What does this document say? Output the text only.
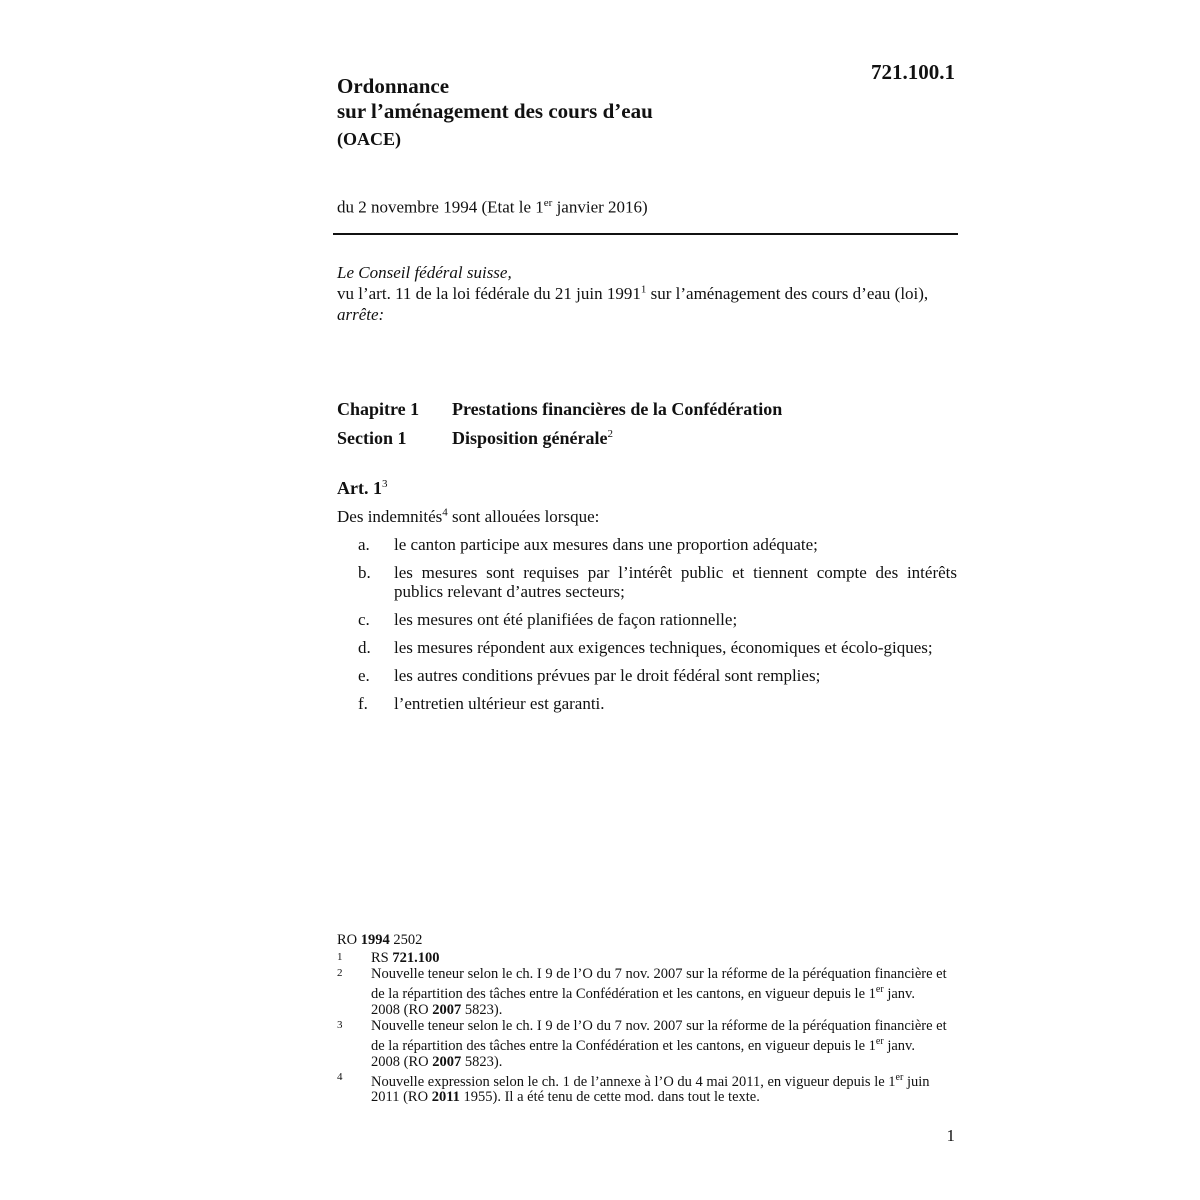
721.100.1
Ordonnance
sur l’aménagement des cours d’eau
(OACE)
du 2 novembre 1994 (Etat le 1er janvier 2016)

Le Conseil fédéral suisse,

vu l’art. 11 de la loi fédérale du 21 juin 1991$^1$ sur l’aménagement des cours d’eau (loi),

arrête:

Chapitre 1	Prestations financières de la Confédération
Section 1	Disposition générale$^2$
Art. $1^3$
Des indemnités$^4$ sont allouées lorsque:
a.	le canton participe aux mesures dans une proportion adéquate;
b.	les mesures sont requises par l’intérêt public et tiennent compte des intérêts publics relevant d’autres secteurs;
c.	les mesures ont été planifiées de façon rationnelle;
d.	les mesures répondent aux exigences techniques, économiques et écolo-giques;
e.	les autres conditions prévues par le droit fédéral sont remplies;
f.	l’entretien ultérieur est garanti.
RO 1994 2502
1	RS 721.100
2	Nouvelle teneur selon le ch. I 9 de l’O du 7 nov. 2007 sur la réforme de la péréquation financière et de la répartition des tâches entre la Confédération et les cantons, en vigueur depuis le 1er janv. 2008 (RO 2007 5823).
3	Nouvelle teneur selon le ch. I 9 de l’O du 7 nov. 2007 sur la réforme de la péréquation financière et de la répartition des tâches entre la Confédération et les cantons, en vigueur depuis le 1er janv. 2008 (RO 2007 5823).
4	Nouvelle expression selon le ch. 1 de l’annexe à l’O du 4 mai 2011, en vigueur depuis le 1er juin 2011 (RO 2011 1955). Il a été tenu de cette mod. dans tout le texte.
1
